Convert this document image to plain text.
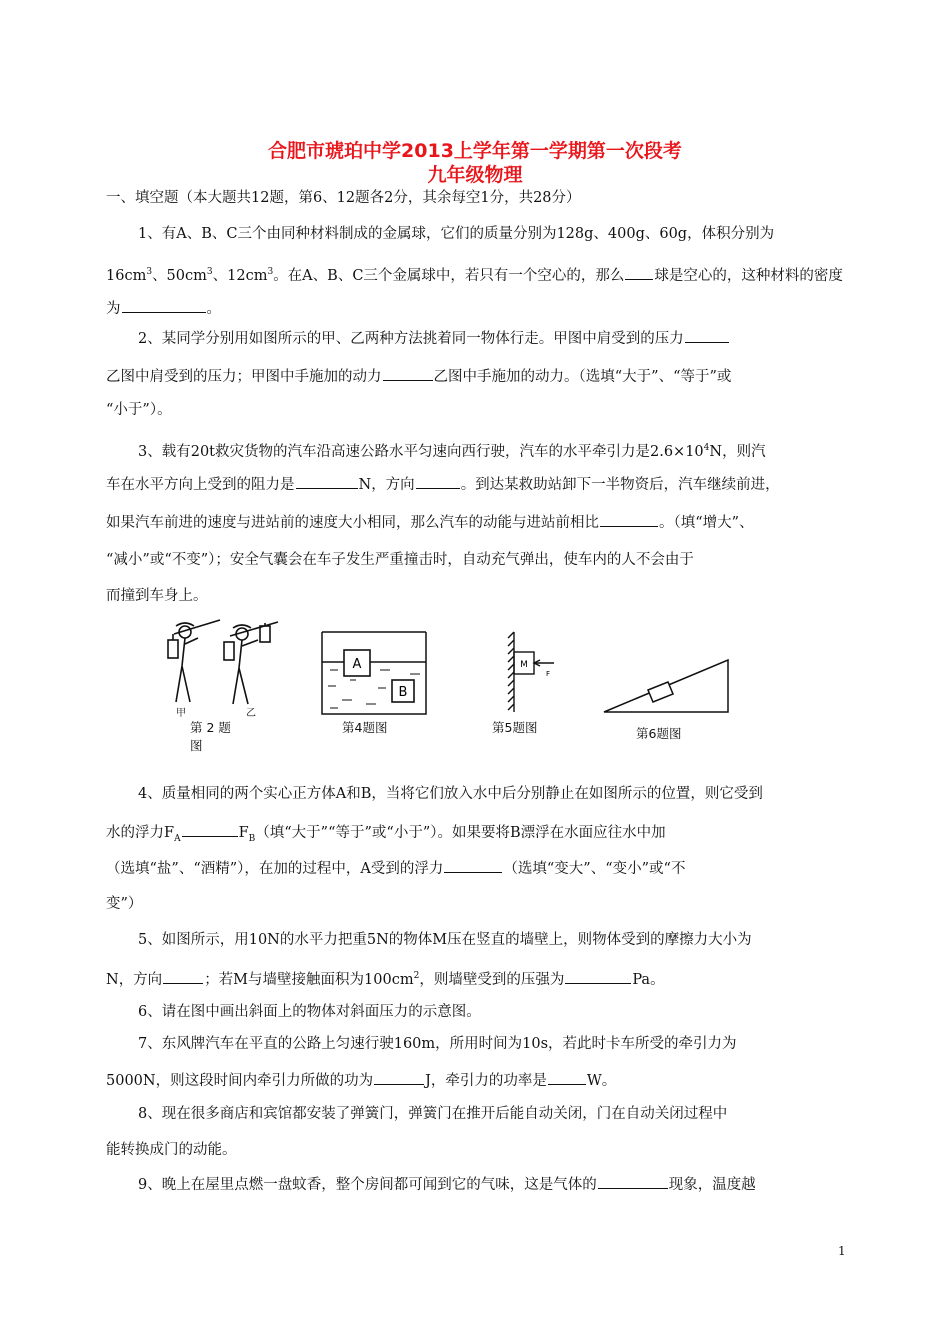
合肥市琥珀中学2013上学年第一学期第一次段考
九年级物理
一、填空题（本大题共12题，第6、12题各2分，其余每空1分，共28分）
1、有A、B、C三个由同种材料制成的金属球，它们的质量分别为128g、400g、60g，体积分别为
$16cm^3$、$50cm^3$、$12cm^3$。在A、B、C三个金属球中，若只有一个空心的，那么 球是空心的，这种材料的密度
为	。
2、某同学分别用如图所示的甲、乙两种方法挑着同一物体行走。甲图中肩受到的压力
乙图中肩受到的压力；甲图中手施加的动力	乙图中手施加的动力。（选填“大于”、“等于”或
“小于”）。
3、载有20t救灾货物的汽车沿高速公路水平匀速向西行驶，汽车的水平牵引力是$2.6\times 10^4N$，则汽
车在水平方向上受到的阻力是	N，方向	。到达某救助站卸下一半物资后，汽车继续前进，
如果汽车前进的速度与进站前的速度大小相同，那么汽车的动能与进站前相比	。（填“增大”、
“减小”或“不变”）；安全气囊会在车子发生严重撞击时，自动充气弹出，使车内的人不会由于
而撞到车身上。
甲	乙
第 2 题
图
A
B
第4题图
M
F
第5题图	第6题图
4、质量相同的两个实心正方体A和B，当将它们放入水中后分别静止在如图所示的位置，则它受到
水的浮力$F_A$	$F_B$（填“大于”“等于”或“小于”）。如果要将B漂浮在水面应往水中加
（选填“盐”、“酒精”），在加的过程中，A受到的浮力	（选填“变大”、“变小”或“不
变”）
5、如图所示，用10N的水平力把重5N的物体M压在竖直的墙壁上，则物体受到的摩擦力大小为
N，方向	；若M与墙壁接触面积为$100cm^2$，则墙壁受到的压强为	Pa。
6、请在图中画出斜面上的物体对斜面压力的示意图。
7、东风牌汽车在平直的公路上匀速行驶160m，所用时间为10s，若此时卡车所受的牵引力为
5000N，则这段时间内牵引力所做的功为	J，牵引力的功率是	W。
8、现在很多商店和宾馆都安装了弹簧门，弹簧门在推开后能自动关闭，门在自动关闭过程中
能转换成门的动能。
9、晚上在屋里点燃一盘蚊香，整个房间都可闻到它的气味，这是气体的	现象，温度越
1
